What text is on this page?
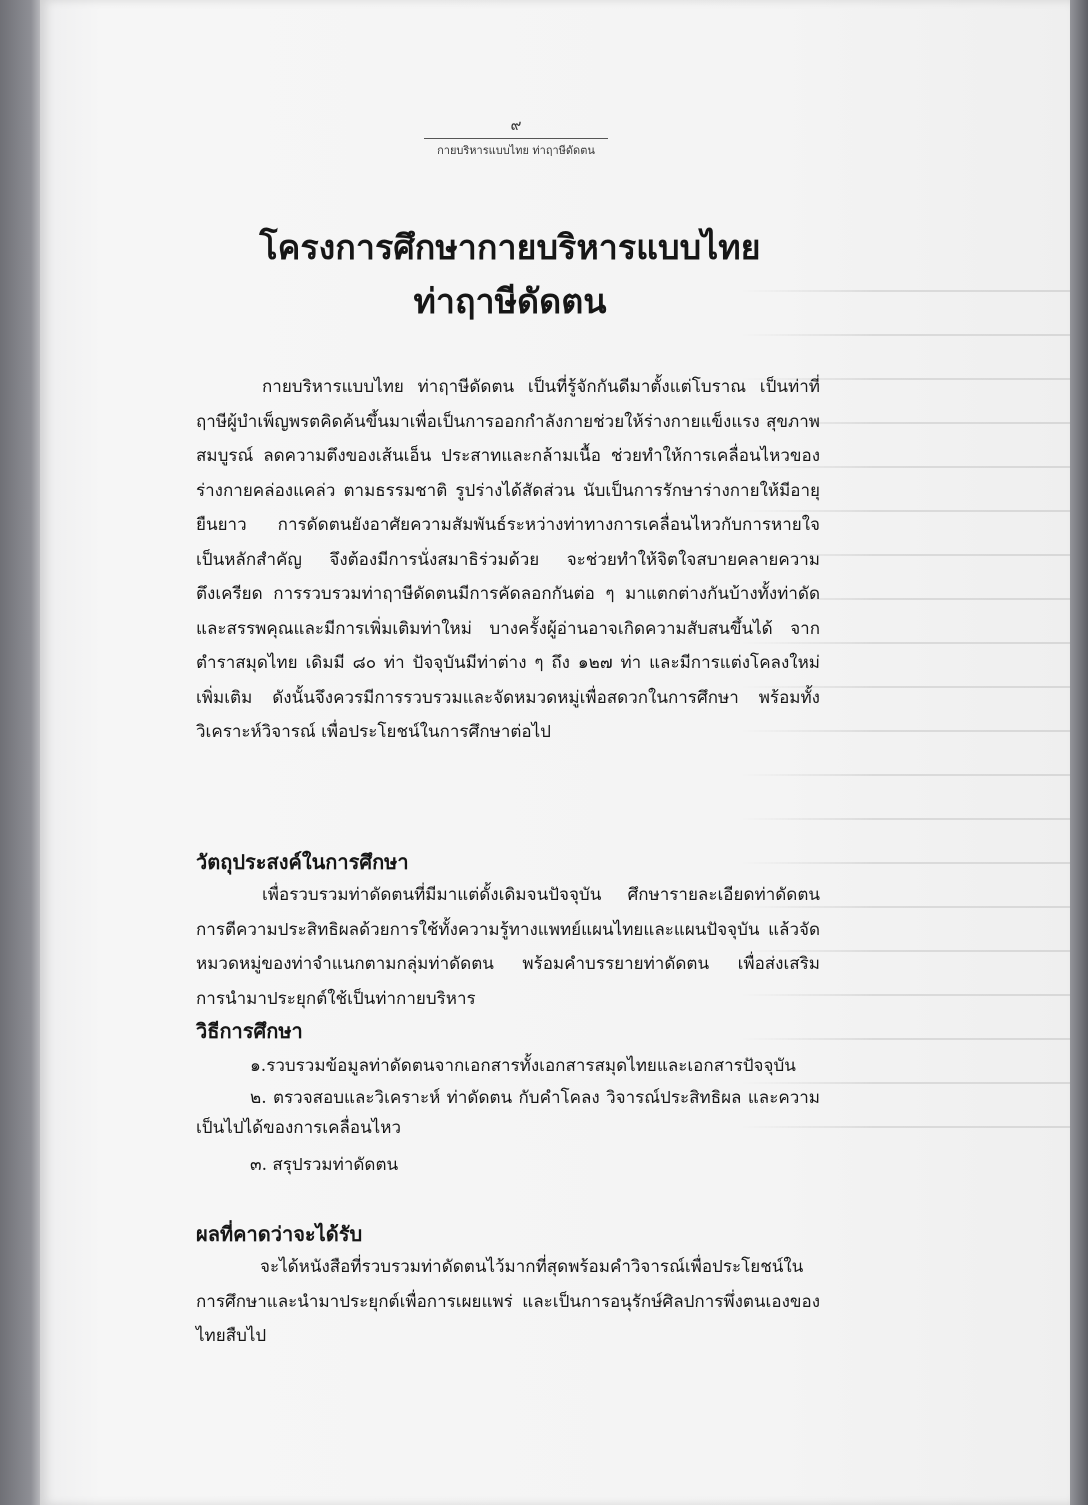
๙
กายบริหารแบบไทย ท่าฤาษีดัดตน
โครงการศึกษากายบริหารแบบไทย
ท่าฤาษีดัดตน

กายบริหารแบบไทย ท่าฤาษีดัดตน เป็นที่รู้จักกันดีมาตั้งแต่โบราณ เป็นท่าที่ฤาษีผู้บำเพ็ญพรตคิดค้นขึ้นมาเพื่อเป็นการออกกำลังกายช่วยให้ร่างกายแข็งแรง สุขภาพสมบูรณ์ ลดความตึงของเส้นเอ็น ประสาทและกล้ามเนื้อ ช่วยทำให้การเคลื่อนไหวของร่างกายคล่องแคล่ว ตามธรรมชาติ รูปร่างได้สัดส่วน นับเป็นการรักษาร่างกายให้มีอายุยืนยาว การดัดตนยังอาศัยความสัมพันธ์ระหว่างท่าทางการเคลื่อนไหวกับการหายใจเป็นหลักสำคัญ จึงต้องมีการนั่งสมาธิร่วมด้วย จะช่วยทำให้จิตใจสบายคลายความตึงเครียด การรวบรวมท่าฤาษีดัดตนมีการคัดลอกกันต่อ ๆ มาแตกต่างกันบ้างทั้งท่าดัดและสรรพคุณและมีการเพิ่มเติมท่าใหม่ บางครั้งผู้อ่านอาจเกิดความสับสนขึ้นได้ จากตำราสมุดไทย เดิมมี ๘๐ ท่า ปัจจุบันมีท่าต่าง ๆ ถึง ๑๒๗ ท่า และมีการแต่งโคลงใหม่เพิ่มเติม ดังนั้นจึงควรมีการรวบรวมและจัดหมวดหมู่เพื่อสดวกในการศึกษา พร้อมทั้งวิเคราะห์วิจารณ์ เพื่อประโยชน์ในการศึกษาต่อไป

วัตถุประสงค์ในการศึกษา

เพื่อรวบรวมท่าดัดตนที่มีมาแต่ดั้งเดิมจนปัจจุบัน ศึกษารายละเอียดท่าดัดตน การตีความประสิทธิผลด้วยการใช้ทั้งความรู้ทางแพทย์แผนไทยและแผนปัจจุบัน แล้วจัดหมวดหมู่ของท่าจำแนกตามกลุ่มท่าดัดตน พร้อมคำบรรยายท่าดัดตน เพื่อส่งเสริมการนำมาประยุกต์ใช้เป็นท่ากายบริหาร

วิธีการศึกษา
๑.รวบรวมข้อมูลท่าดัดตนจากเอกสารทั้งเอกสารสมุดไทยและเอกสารปัจจุบัน
๒. ตรวจสอบและวิเคราะห์ ท่าดัดตน กับคำโคลง วิจารณ์ประสิทธิผล และความเป็นไปได้ของการเคลื่อนไหว
๓. สรุปรวมท่าดัดตน
ผลที่คาดว่าจะได้รับ

จะได้หนังสือที่รวบรวมท่าดัดตนไว้มากที่สุดพร้อมคำวิจารณ์เพื่อประโยชน์ในการศึกษาและนำมาประยุกต์เพื่อการเผยแพร่ และเป็นการอนุรักษ์ศิลปการพึ่งตนเองของไทยสืบไป
